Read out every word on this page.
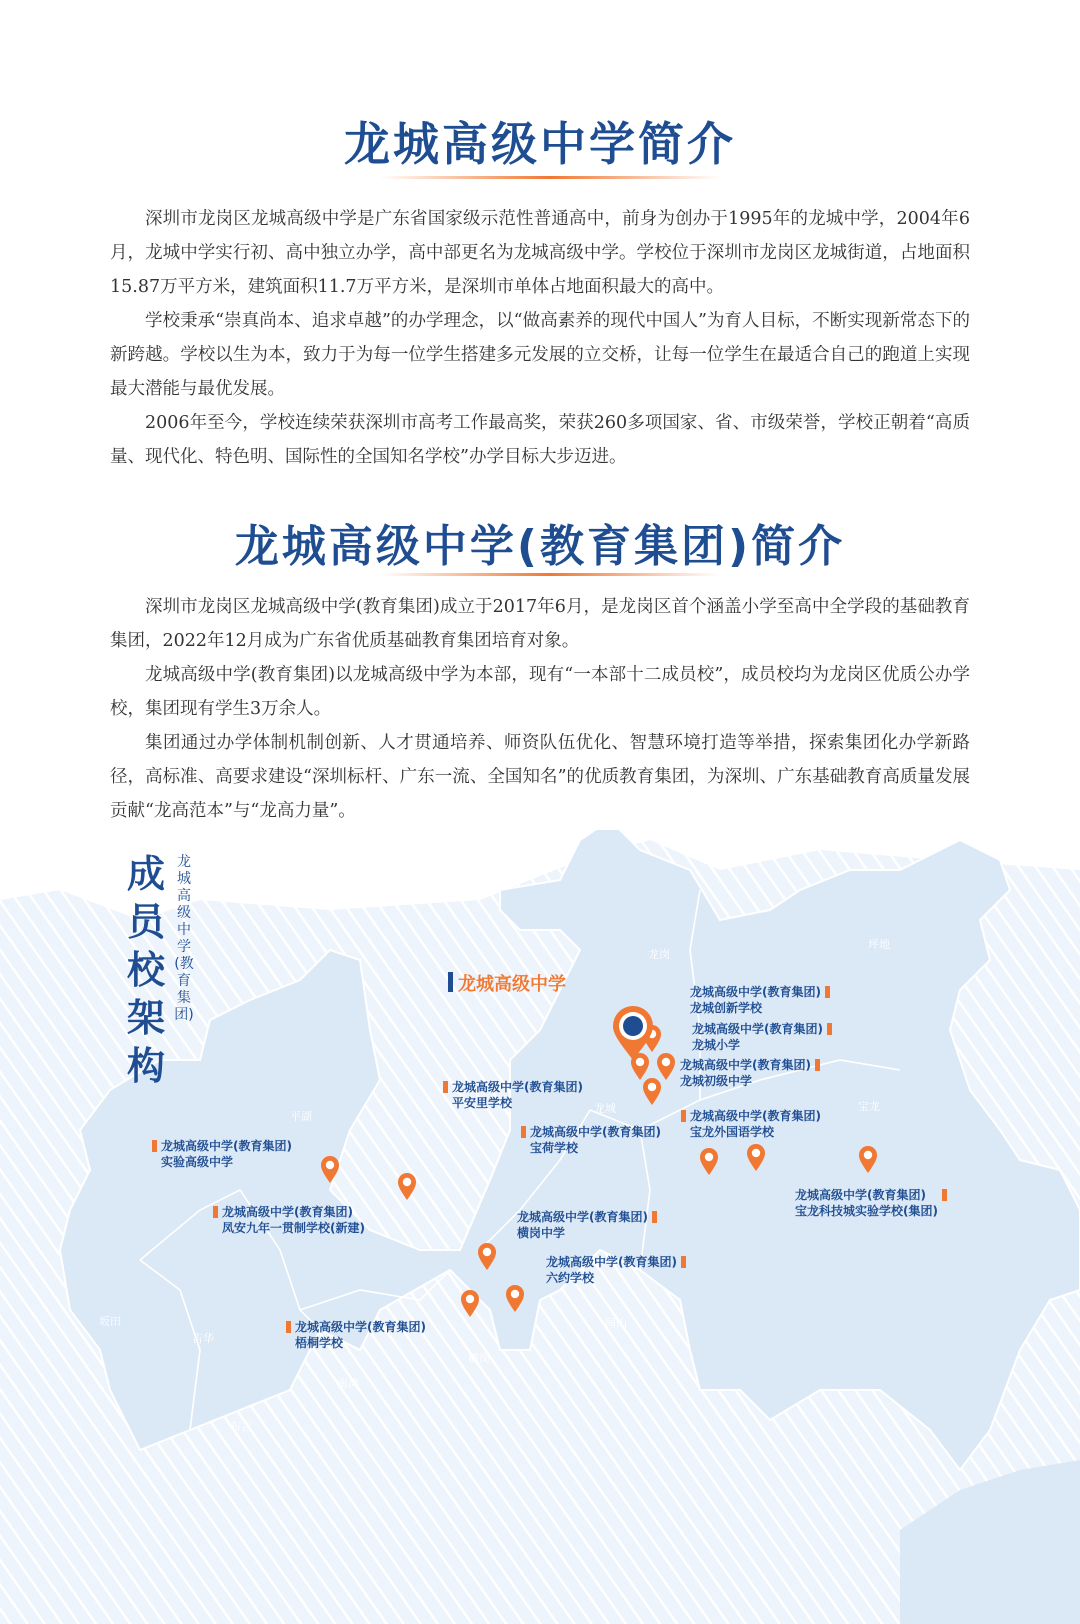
龙城高级中学简介

深圳市龙岗区龙城高级中学是广东省国家级示范性普通高中，前身为创办于1995年的龙城中学，2004年6月，龙城中学实行初、高中独立办学，高中部更名为龙城高级中学。学校位于深圳市龙岗区龙城街道，占地面积15.87万平方米，建筑面积11.7万平方米，是深圳市单体占地面积最大的高中。

学校秉承“崇真尚本、追求卓越”的办学理念，以“做高素养的现代中国人”为育人目标，不断实现新常态下的新跨越。学校以生为本，致力于为每一位学生搭建多元发展的立交桥，让每一位学生在最适合自己的跑道上实现最大潜能与最优发展。

2006年至今，学校连续荣获深圳市高考工作最高奖，荣获260多项国家、省、市级荣誉，学校正朝着“高质量、现代化、特色明、国际性的全国知名学校”办学目标大步迈进。

龙城高级中学(教育集团)简介

深圳市龙岗区龙城高级中学(教育集团)成立于2017年6月，是龙岗区首个涵盖小学至高中全学段的基础教育集团，2022年12月成为广东省优质基础教育集团培育对象。

龙城高级中学(教育集团)以龙城高级中学为本部，现有“一本部十二成员校”，成员校均为龙岗区优质公办学校，集团现有学生3万余人。

集团通过办学体制机制创新、人才贯通培养、师资队伍优化、智慧环境打造等举措，探索集团化办学新路径，高标准、高要求建设“深圳标杆、广东一流、全国知名”的优质教育集团，为深圳、广东基础教育高质量发展贡献“龙高范本”与“龙高力量”。

成员校架构
龙城高级中学(教育集团)
龙岗
坪地
平湖
宝龙
龙城
坂田
吉华
横岗
园山
南湾
布吉
龙城高级中学	龙城高级中学(教育集团)
龙城创新学校
龙城高级中学(教育集团)
龙城小学
龙城高级中学(教育集团)
龙城初级中学
龙城高级中学(教育集团)
平安里学校
龙城高级中学(教育集团)
宝荷学校
龙城高级中学(教育集团)
宝龙外国语学校
龙城高级中学(教育集团)
实验高级中学
龙城高级中学(教育集团)
凤安九年一贯制学校(新建)
龙城高级中学(教育集团)
横岗中学
龙城高级中学(教育集团)
宝龙科技城实验学校(集团)
龙城高级中学(教育集团)
六约学校
龙城高级中学(教育集团)
梧桐学校
